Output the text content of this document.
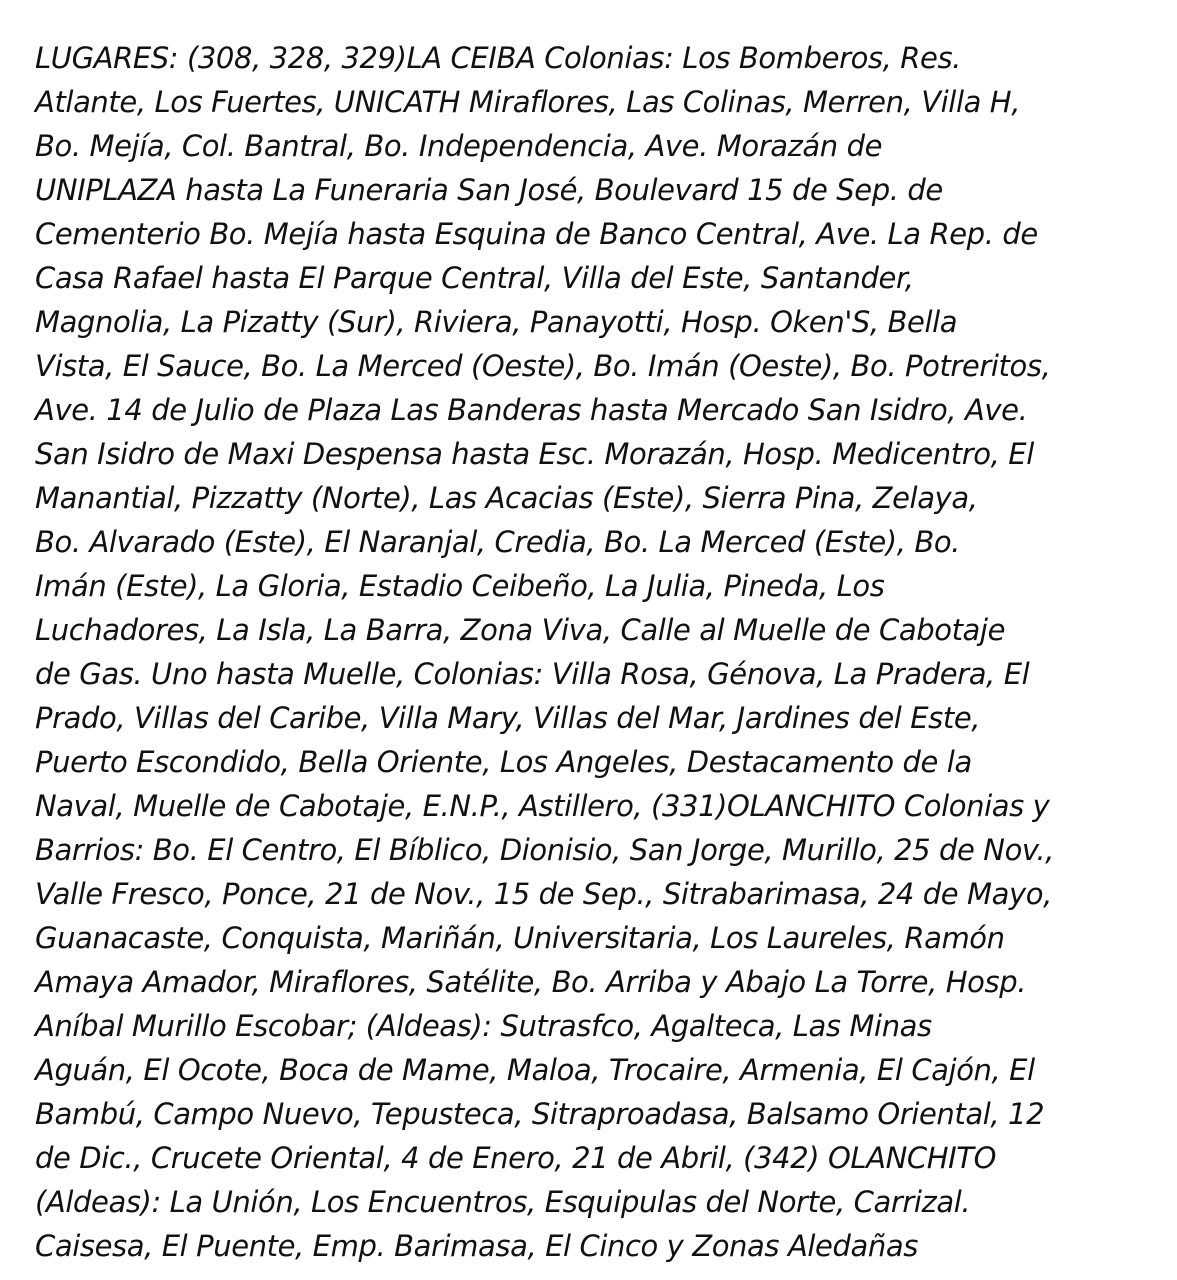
LUGARES: (308, 328, 329)LA CEIBA Colonias: Los Bomberos, Res.
Atlante, Los Fuertes, UNICATH Miraflores, Las Colinas, Merren, Villa H,
Bo. Mejía, Col. Bantral, Bo. Independencia, Ave. Morazán de
UNIPLAZA hasta La Funeraria San José, Boulevard 15 de Sep. de
Cementerio Bo. Mejía hasta Esquina de Banco Central, Ave. La Rep. de
Casa Rafael hasta El Parque Central, Villa del Este, Santander,
Magnolia, La Pizatty (Sur), Riviera, Panayotti, Hosp. Oken'S, Bella
Vista, El Sauce, Bo. La Merced (Oeste), Bo. Imán (Oeste), Bo. Potreritos,
Ave. 14 de Julio de Plaza Las Banderas hasta Mercado San Isidro, Ave.
San Isidro de Maxi Despensa hasta Esc. Morazán, Hosp. Medicentro, El
Manantial, Pizzatty (Norte), Las Acacias (Este), Sierra Pina, Zelaya,
Bo. Alvarado (Este), El Naranjal, Credia, Bo. La Merced (Este), Bo.
Imán (Este), La Gloria, Estadio Ceibeño, La Julia, Pineda, Los
Luchadores, La Isla, La Barra, Zona Viva, Calle al Muelle de Cabotaje
de Gas. Uno hasta Muelle, Colonias: Villa Rosa, Génova, La Pradera, El
Prado, Villas del Caribe, Villa Mary, Villas del Mar, Jardines del Este,
Puerto Escondido, Bella Oriente, Los Angeles, Destacamento de la
Naval, Muelle de Cabotaje, E.N.P., Astillero, (331)OLANCHITO Colonias y
Barrios: Bo. El Centro, El Bíblico, Dionisio, San Jorge, Murillo, 25 de Nov.,
Valle Fresco, Ponce, 21 de Nov., 15 de Sep., Sitrabarimasa, 24 de Mayo,
Guanacaste, Conquista, Mariñán, Universitaria, Los Laureles, Ramón
Amaya Amador, Miraflores, Satélite, Bo. Arriba y Abajo La Torre, Hosp.
Aníbal Murillo Escobar; (Aldeas): Sutrasfco, Agalteca, Las Minas
Aguán, El Ocote, Boca de Mame, Maloa, Trocaire, Armenia, El Cajón, El
Bambú, Campo Nuevo, Tepusteca, Sitraproadasa, Balsamo Oriental, 12
de Dic., Crucete Oriental, 4 de Enero, 21 de Abril, (342) OLANCHITO
(Aldeas): La Unión, Los Encuentros, Esquipulas del Norte, Carrizal.
Caisesa, El Puente, Emp. Barimasa, El Cinco y Zonas Aledañas
